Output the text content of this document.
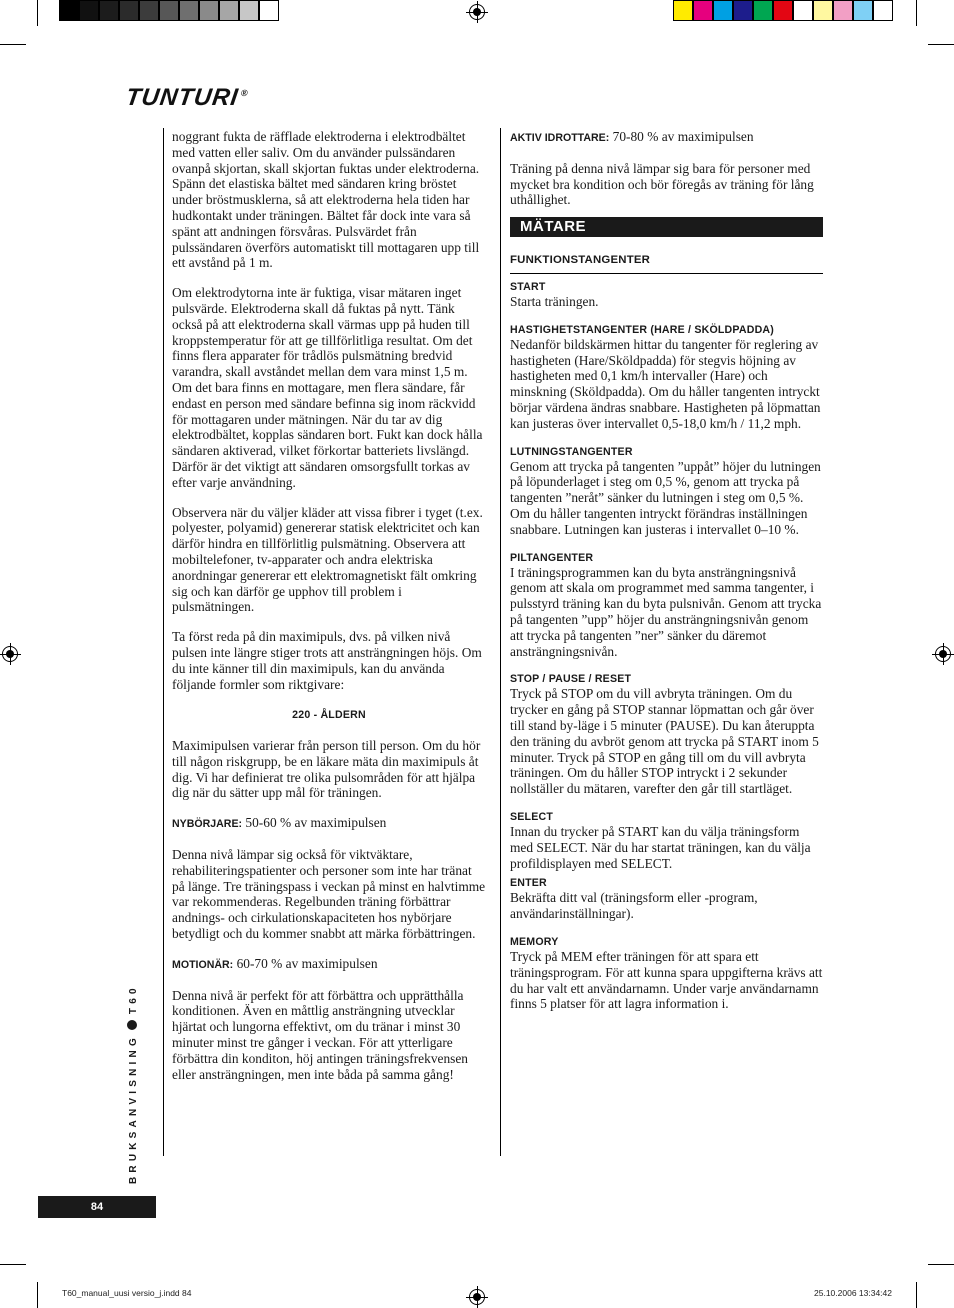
TUNTURI®

noggrant fukta de räfflade elektroderna i elektrodbältet med vatten eller saliv. Om du använder pulssändaren ovanpå skjortan, skall skjortan fuktas under elektroderna. Spänn det elastiska bältet med sändaren kring bröstet under bröstmusklerna, så att elektroderna hela tiden har hudkontakt under träningen. Bältet får dock inte vara så spänt att andningen försvåras. Pulsvärdet från pulssändaren överförs automatiskt till mottagaren upp till ett avstånd på 1 m.

Om elektrodytorna inte är fuktiga, visar mätaren inget pulsvärde. Elektroderna skall då fuktas på nytt. Tänk också på att elektroderna skall värmas upp på huden till kroppstemperatur för att ge tillförlitliga resultat. Om det finns flera apparater för trådlös pulsmätning bredvid varandra, skall avståndet mellan dem vara minst 1,5 m. Om det bara finns en mottagare, men flera sändare, får endast en person med sändare befinna sig inom räckvidd för mottagaren under mätningen. När du tar av dig elektrodbältet, kopplas sändaren bort. Fukt kan dock hålla sändaren aktiverad, vilket förkortar batteriets livslängd. Därför är det viktigt att sändaren omsorgsfullt torkas av efter varje användning.

Observera när du väljer kläder att vissa fibrer i tyget (t.ex. polyester, polyamid) genererar statisk elektricitet och kan därför hindra en tillförlitlig pulsmätning. Observera att mobiltelefoner, tv-apparater och andra elektriska anordningar genererar ett elektromagnetiskt fält omkring sig och kan därför ge upphov till problem i pulsmätningen.

Ta först reda på din maximipuls, dvs. på vilken nivå pulsen inte längre stiger trots att ansträngningen höjs. Om du inte känner till din maximipuls, kan du använda följande formler som riktgivare:

220 - ÅLDERN

Maximipulsen varierar från person till person. Om du hör till någon riskgrupp, be en läkare mäta din maximipuls åt dig. Vi har definierat tre olika pulsområden för att hjälpa dig när du sätter upp mål för träningen.

NYBÖRJARE: 50-60 % av maximipulsen

Denna nivå lämpar sig också för viktväktare, rehabiliteringspatienter och personer som inte har tränat på länge. Tre träningspass i veckan på minst en halvtimme var rekommenderas. Regelbunden träning förbättrar andnings- och cirkulationskapaciteten hos nybörjare betydligt och du kommer snabbt att märka förbättringen.

MOTIONÄR: 60-70 % av maximipulsen

Denna nivå är perfekt för att förbättra och upprätthålla konditionen. Även en måttlig ansträngning utvecklar hjärtat och lungorna effektivt, om du tränar i minst 30 minuter minst tre gånger i veckan. För att ytterligare förbättra din konditon, höj antingen träningsfrekvensen eller ansträngningen, men inte båda på samma gång!

AKTIV IDROTTARE: 70-80 % av maximipulsen

Träning på denna nivå lämpar sig bara för personer med mycket bra kondition och bör föregås av träning för lång uthållighet.

MÄTARE
FUNKTIONSTANGENTER
START

Starta träningen.

HASTIGHETSTANGENTER (HARE / SKÖLDPADDA)

Nedanför bildskärmen hittar du tangenter för reglering av hastigheten (Hare/Sköldpadda) för stegvis höjning av hastigheten med 0,1 km/h intervaller (Hare) och minskning (Sköldpadda). Om du håller tangenten intryckt börjar värdena ändras snabbare. Hastigheten på löpmattan kan justeras över intervallet 0,5-18,0 km/h / 11,2 mph.

LUTNINGSTANGENTER

Genom att trycka på tangenten ”uppåt” höjer du lutningen på löpunderlaget i steg om 0,5 %, genom att trycka på tangenten ”neråt” sänker du lutningen i steg om 0,5 %. Om du håller tangenten intryckt förändras inställningen snabbare. Lutningen kan justeras i intervallet 0–10 %.

PILTANGENTER

I träningsprogrammen kan du byta ansträngningsnivå genom att skala om programmet med samma tangenter, i pulsstyrd träning kan du byta pulsnivån. Genom att trycka på tangenten ”upp” höjer du ansträngningsnivån genom att trycka på tangenten ”ner” sänker du däremot ansträngningsnivån.

STOP / PAUSE / RESET

Tryck på STOP om du vill avbryta träningen. Om du trycker en gång på STOP stannar löpmattan och går över till stand by-läge i 5 minuter (PAUSE). Du kan återuppta den träning du avbröt genom att trycka på START inom 5 minuter. Tryck på STOP en gång till om du vill avbryta träningen. Om du håller STOP intryckt i 2 sekunder nollställer du mätaren, varefter den går till startläget.

SELECT

Innan du trycker på START kan du välja träningsform med SELECT. När du har startat träningen, kan du välja profildisplayen med SELECT.

ENTER

Bekräfta ditt val (träningsform eller -program, användarinställningar).

MEMORY

Tryck på MEM efter träningen för att spara ett träningsprogram. För att kunna spara uppgifterna krävs att du har valt ett användarnamn. Under varje användarnamn finns 5 platser för att lagra information i.

BRUKSANVISNINGT60
84
T60_manual_uusi versio_j.indd 84	25.10.2006 13:34:42
